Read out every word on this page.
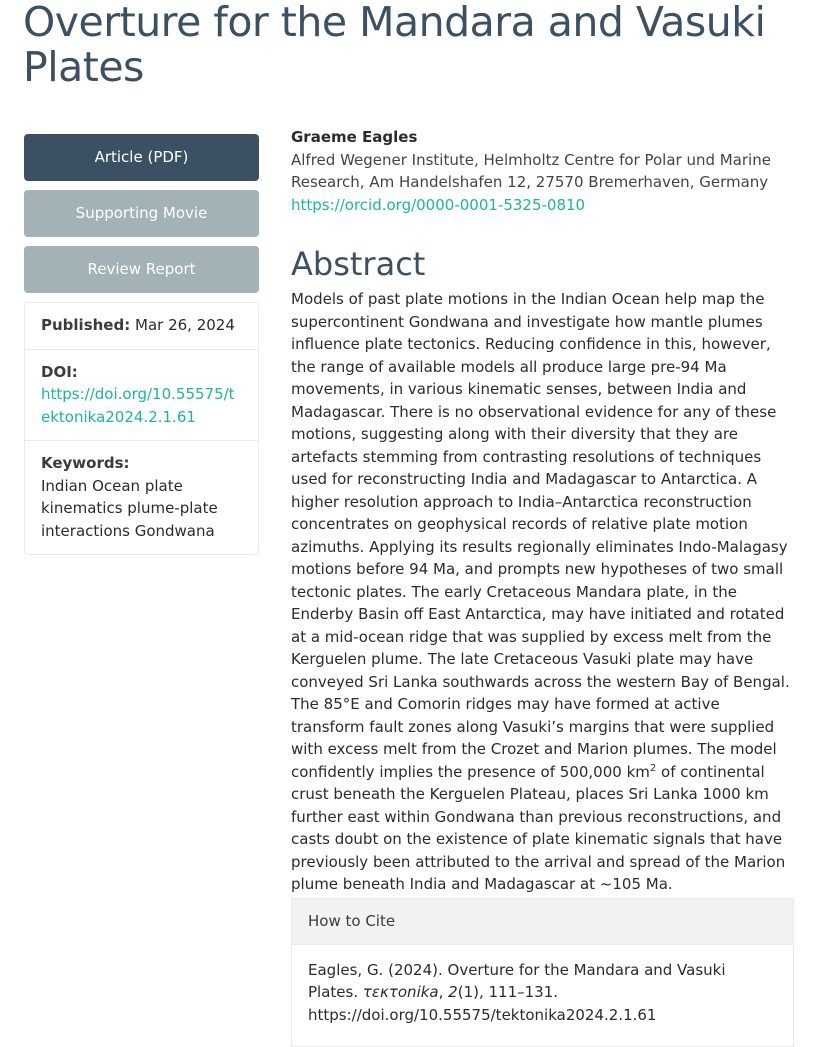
Overture for the Mandara and Vasuki Plates
Article (PDF)
Supporting Movie
Review Report
Published: Mar 26, 2024
DOI:
https://doi.org/10.55575/tektonika2024.2.1.61
Keywords:
Indian Ocean plate kinematics plume-plate interactions Gondwana
Graeme Eagles
Alfred Wegener Institute, Helmholtz Centre for Polar und Marine Research, Am Handelshafen 12, 27570 Bremerhaven, Germany
https://orcid.org/0000-0001-5325-0810
Abstract

Models of past plate motions in the Indian Ocean help map the supercontinent Gondwana and investigate how mantle plumes influence plate tectonics. Reducing confidence in this, however, the range of available models all produce large pre-94 Ma movements, in various kinematic senses, between India and Madagascar. There is no observational evidence for any of these motions, suggesting along with their diversity that they are artefacts stemming from contrasting resolutions of techniques used for reconstructing India and Madagascar to Antarctica. A higher resolution approach to India–Antarctica reconstruction concentrates on geophysical records of relative plate motion azimuths. Applying its results regionally eliminates Indo-Malagasy motions before 94 Ma, and prompts new hypotheses of two small tectonic plates. The early Cretaceous Mandara plate, in the Enderby Basin off East Antarctica, may have initiated and rotated at a mid-ocean ridge that was supplied by excess melt from the Kerguelen plume. The late Cretaceous Vasuki plate may have conveyed Sri Lanka southwards across the western Bay of Bengal. The 85°E and Comorin ridges may have formed at active transform fault zones along Vasuki’s margins that were supplied with excess melt from the Crozet and Marion plumes. The model confidently implies the presence of 500,000 $km^2$ of continental crust beneath the Kerguelen Plateau, places Sri Lanka 1000 km further east within Gondwana than previous reconstructions, and casts doubt on the existence of plate kinematic signals that have previously been attributed to the arrival and spread of the Marion plume beneath India and Madagascar at ~105 Ma.

How to Cite
Eagles, G. (2024). Overture for the Mandara and Vasuki Plates. τεκτοnika, 2(1), 111–131.
https://doi.org/10.55575/tektonika2024.2.1.61
